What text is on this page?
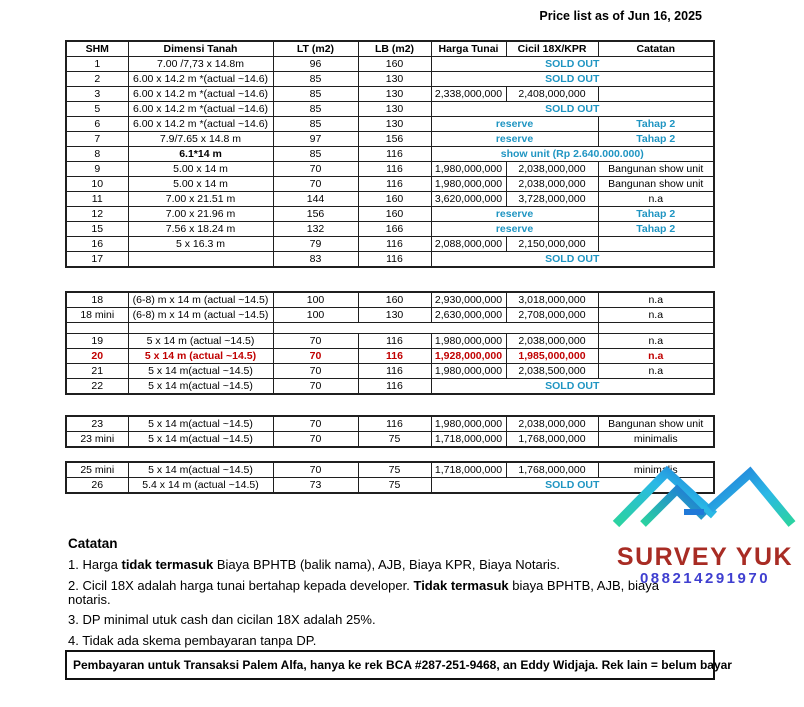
Price list as of Jun 16, 2025
SHM	Dimensi Tanah	LT (m2)	LB (m2)	Harga Tunai	Cicil 18X/KPR	Catatan
1	7.00 /7,73 x 14.8m	96	160	SOLD OUT		
2	6.00 x 14.2 m *(actual ~14.6)	85	130	SOLD OUT		
3	6.00 x 14.2 m *(actual ~14.6)	85	130	2,338,000,000	2,408,000,000	
5	6.00 x 14.2 m *(actual ~14.6)	85	130	SOLD OUT		
6	6.00 x 14.2 m *(actual ~14.6)	85	130	reserve		Tahap 2
7	7.9/7.65 x 14.8 m	97	156	reserve		Tahap 2
8	6.1*14 m	85	116	show unit (Rp 2.640.000.000)		
9	5.00 x 14 m	70	116	1,980,000,000	2,038,000,000	Bangunan show unit
10	5.00 x 14 m	70	116	1,980,000,000	2,038,000,000	Bangunan show unit
11	7.00 x 21.51 m	144	160	3,620,000,000	3,728,000,000	n.a
12	7.00 x 21.96 m	156	160	reserve		Tahap 2
15	7.56 x 18.24 m	132	166	reserve		Tahap 2
16	5 x 16.3 m	79	116	2,088,000,000	2,150,000,000	
17		83	116	SOLD OUT		
18	(6-8) m x 14 m (actual ~14.5)	100	160	2,930,000,000	3,018,000,000	n.a
18 mini	(6-8) m x 14 m (actual ~14.5)	100	130	2,630,000,000	2,708,000,000	n.a

19	5 x 14 m (actual ~14.5)	70	116	1,980,000,000	2,038,000,000	n.a
20	5 x 14 m (actual ~14.5)	70	116	1,928,000,000	1,985,000,000	n.a
21	5 x 14 m(actual ~14.5)	70	116	1,980,000,000	2,038,500,000	n.a
22	5 x 14 m(actual ~14.5)	70	116	SOLD OUT		
23	5 x 14 m(actual ~14.5)	70	116	1,980,000,000	2,038,000,000	Bangunan show unit
23 mini	5 x 14 m(actual ~14.5)	70	75	1,718,000,000	1,768,000,000	minimalis
25 mini	5 x 14 m(actual ~14.5)	70	75	1,718,000,000	1,768,000,000	minimalis
26	5.4 x 14 m (actual ~14.5)	73	75	SOLD OUT		
SURVEY YUK
088214291970
Catatan
1. Harga tidak termasuk Biaya BPHTB (balik nama), AJB, Biaya KPR, Biaya Notaris.
2. Cicil 18X adalah harga tunai bertahap kepada developer. Tidak termasuk biaya BPHTB, AJB, biaya notaris.
3. DP minimal utuk cash dan cicilan 18X adalah 25%.
4. Tidak ada skema pembayaran tanpa DP.
Pembayaran untuk Transaksi Palem Alfa, hanya ke rek BCA #287-251-9468, an Eddy Widjaja. Rek lain = belum bayar
